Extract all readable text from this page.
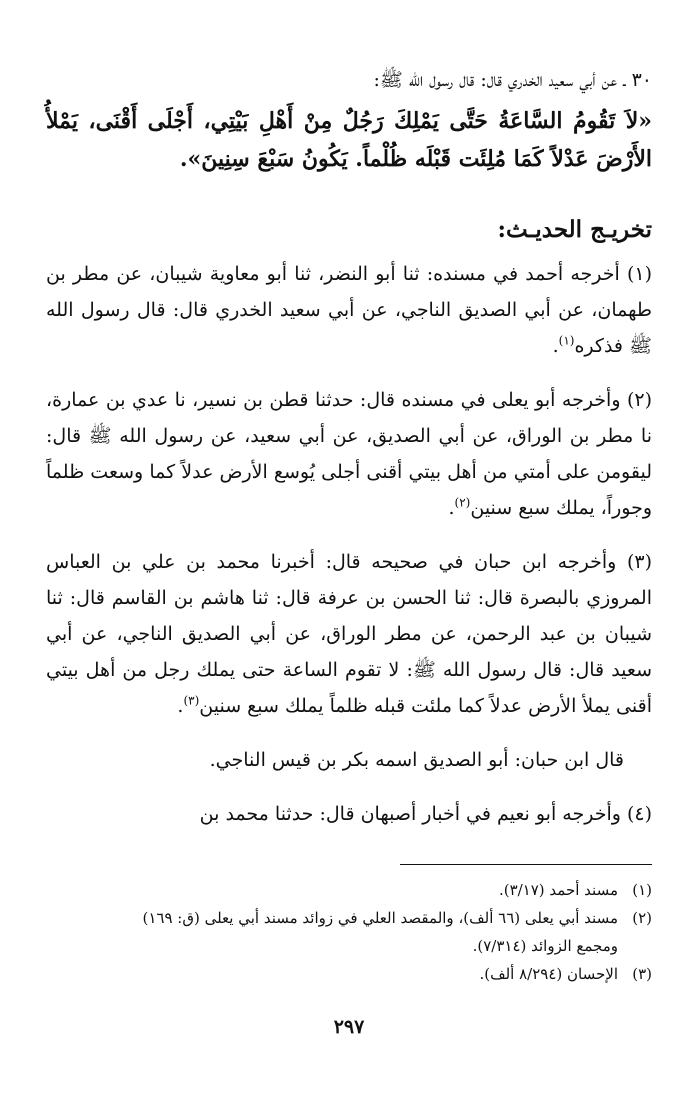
٣٠ ـ عن أبي سعيد الخدري قال: قال رسول الله ﷺ:

«لاَ تَقُومُ السَّاعَةُ حَتَّى يَمْلِكَ رَجُلٌ مِنْ أَهْلِ بَيْتِي، أَجْلَى أَقْنَى، يَمْلأُ الأَرْضَ عَدْلاً كَمَا مُلِئَت قَبْلَه ظُلْماً. يَكُونُ سَبْعَ سِنِينَ».

تخريـج الحديـث:

(١) أخرجه أحمد في مسنده: ثنا أبو النضر، ثنا أبو معاوية شيبان، عن مطر بن طهمان، عن أبي الصديق الناجي، عن أبي سعيد الخدري قال: قال رسول الله ﷺ فذكره$^{(١)}$.

(٢) وأخرجه أبو يعلى في مسنده قال: حدثنا قطن بن نسير، نا عدي بن عمارة، نا مطر بن الوراق، عن أبي الصديق، عن أبي سعيد، عن رسول الله ﷺ قال: ليقومن على أمتي من أهل بيتي أقنى أجلى يُوسع الأرض عدلاً كما وسعت ظلماً وجوراً، يملك سبع سنين$^{(٢)}$.

(٣) وأخرجه ابن حبان في صحيحه قال: أخبرنا محمد بن علي بن العباس المروزي بالبصرة قال: ثنا الحسن بن عرفة قال: ثنا هاشم بن القاسم قال: ثنا شيبان بن عبد الرحمن، عن مطر الوراق، عن أبي الصديق الناجي، عن أبي سعيد قال: قال رسول الله ﷺ: لا تقوم الساعة حتى يملك رجل من أهل بيتي أقنى يملأ الأرض عدلاً كما ملئت قبله ظلماً يملك سبع سنين$^{(٣)}$.

قال ابن حبان: أبو الصديق اسمه بكر بن قيس الناجي.

(٤) وأخرجه أبو نعيم في أخبار أصبهان قال: حدثنا محمد بن

(١)مسند أحمد (٣/١٧).

(٢)مسند أبي يعلى (٦٦ ألف)، والمقصد العلي في زوائد مسند أبي يعلى (ق: ١٦٩)
ومجمع الزوائد (٧/٣١٤).

(٣)الإحسان (٨/٢٩٤ ألف).

٢٩٧
